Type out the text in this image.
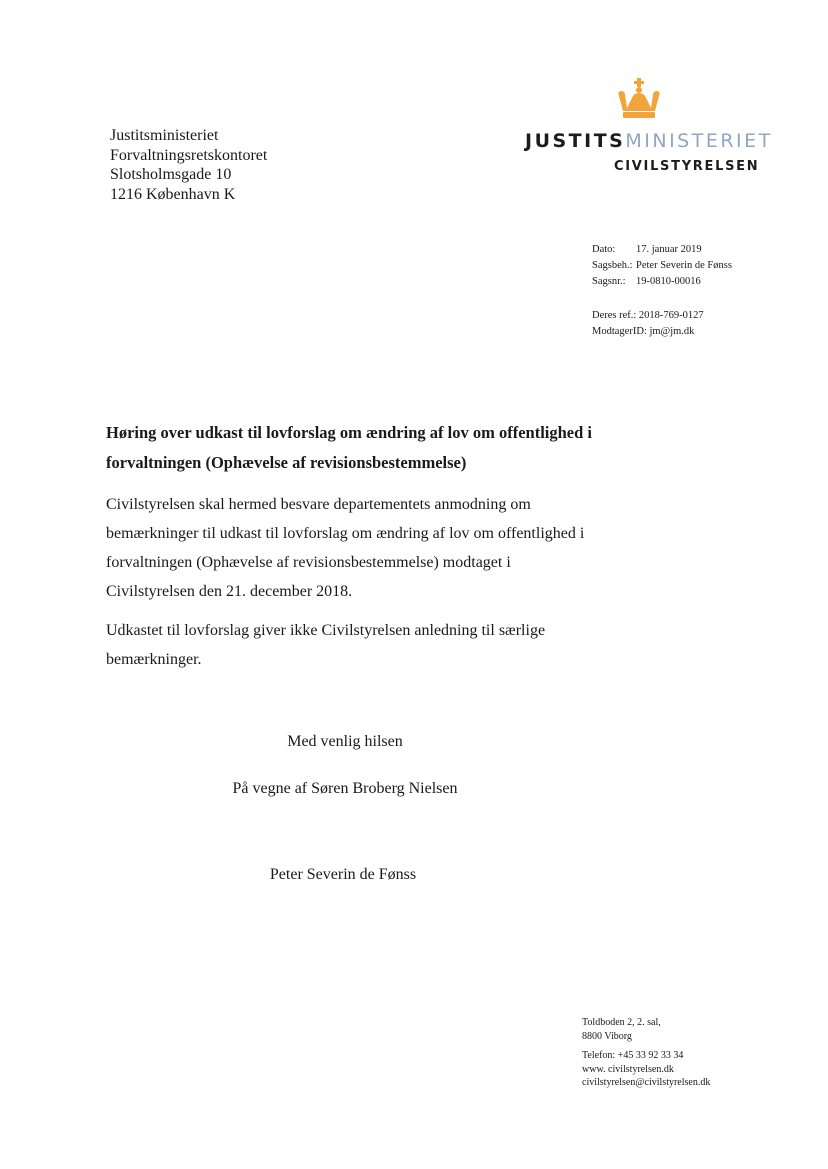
Justitsministeriet
Forvaltningsretskontoret
Slotsholmsgade 10
1216 København K
JUSTITSMINISTERIET
CIVILSTYRELSEN
Dato: 17. januar 2019
Sagsbeh.: Peter Severin de Fønss
Sagsnr.: 19-0810-00016
Deres ref.: 2018-769-0127
ModtagerID: jm@jm.dk
Høring over udkast til lovforslag om ændring af lov om offentlighed i forvaltningen (Ophævelse af revisionsbestemmelse)
Civilstyrelsen skal hermed besvare departementets anmodning om bemærkninger til udkast til lovforslag om ændring af lov om offentlighed i forvaltningen (Ophævelse af revisionsbestemmelse) modtaget i Civilstyrelsen den 21. december 2018.
Udkastet til lovforslag giver ikke Civilstyrelsen anledning til særlige bemærkninger.
Med venlig hilsen
På vegne af Søren Broberg Nielsen
Peter Severin de Fønss
Toldboden 2, 2. sal,
8800 Viborg
Telefon: +45 33 92 33 34
www. civilstyrelsen.dk
civilstyrelsen@civilstyrelsen.dk
